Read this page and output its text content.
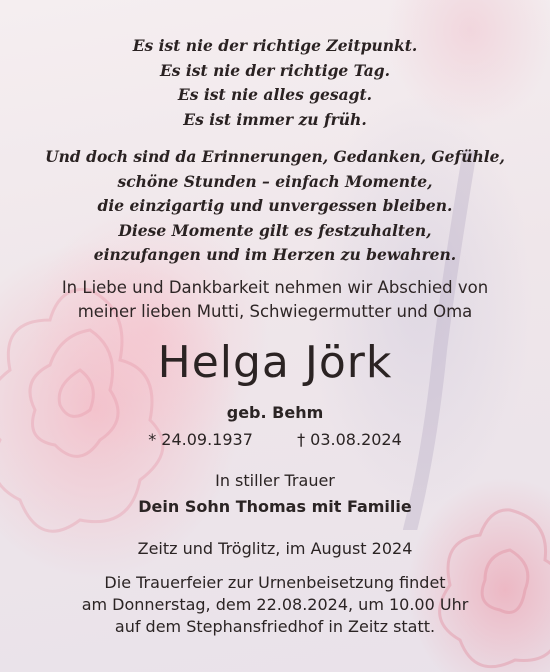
Es ist nie der richtige Zeitpunkt.
Es ist nie der richtige Tag.
Es ist nie alles gesagt.
Es ist immer zu früh.
Und doch sind da Erinnerungen, Gedanken, Gefühle,
schöne Stunden – einfach Momente,
die einzigartig und unvergessen bleiben.
Diese Momente gilt es festzuhalten,
einzufangen und im Herzen zu bewahren.
In Liebe und Dankbarkeit nehmen wir Abschied von
meiner lieben Mutti, Schwiegermutter und Oma
Helga Jörk
geb. Behm
* 24.09.1937	† 03.08.2024
In stiller Trauer
Dein Sohn Thomas mit Familie
Zeitz und Tröglitz, im August 2024
Die Trauerfeier zur Urnenbeisetzung findet
am Donnerstag, dem 22.08.2024, um 10.00 Uhr
auf dem Stephansfriedhof in Zeitz statt.
